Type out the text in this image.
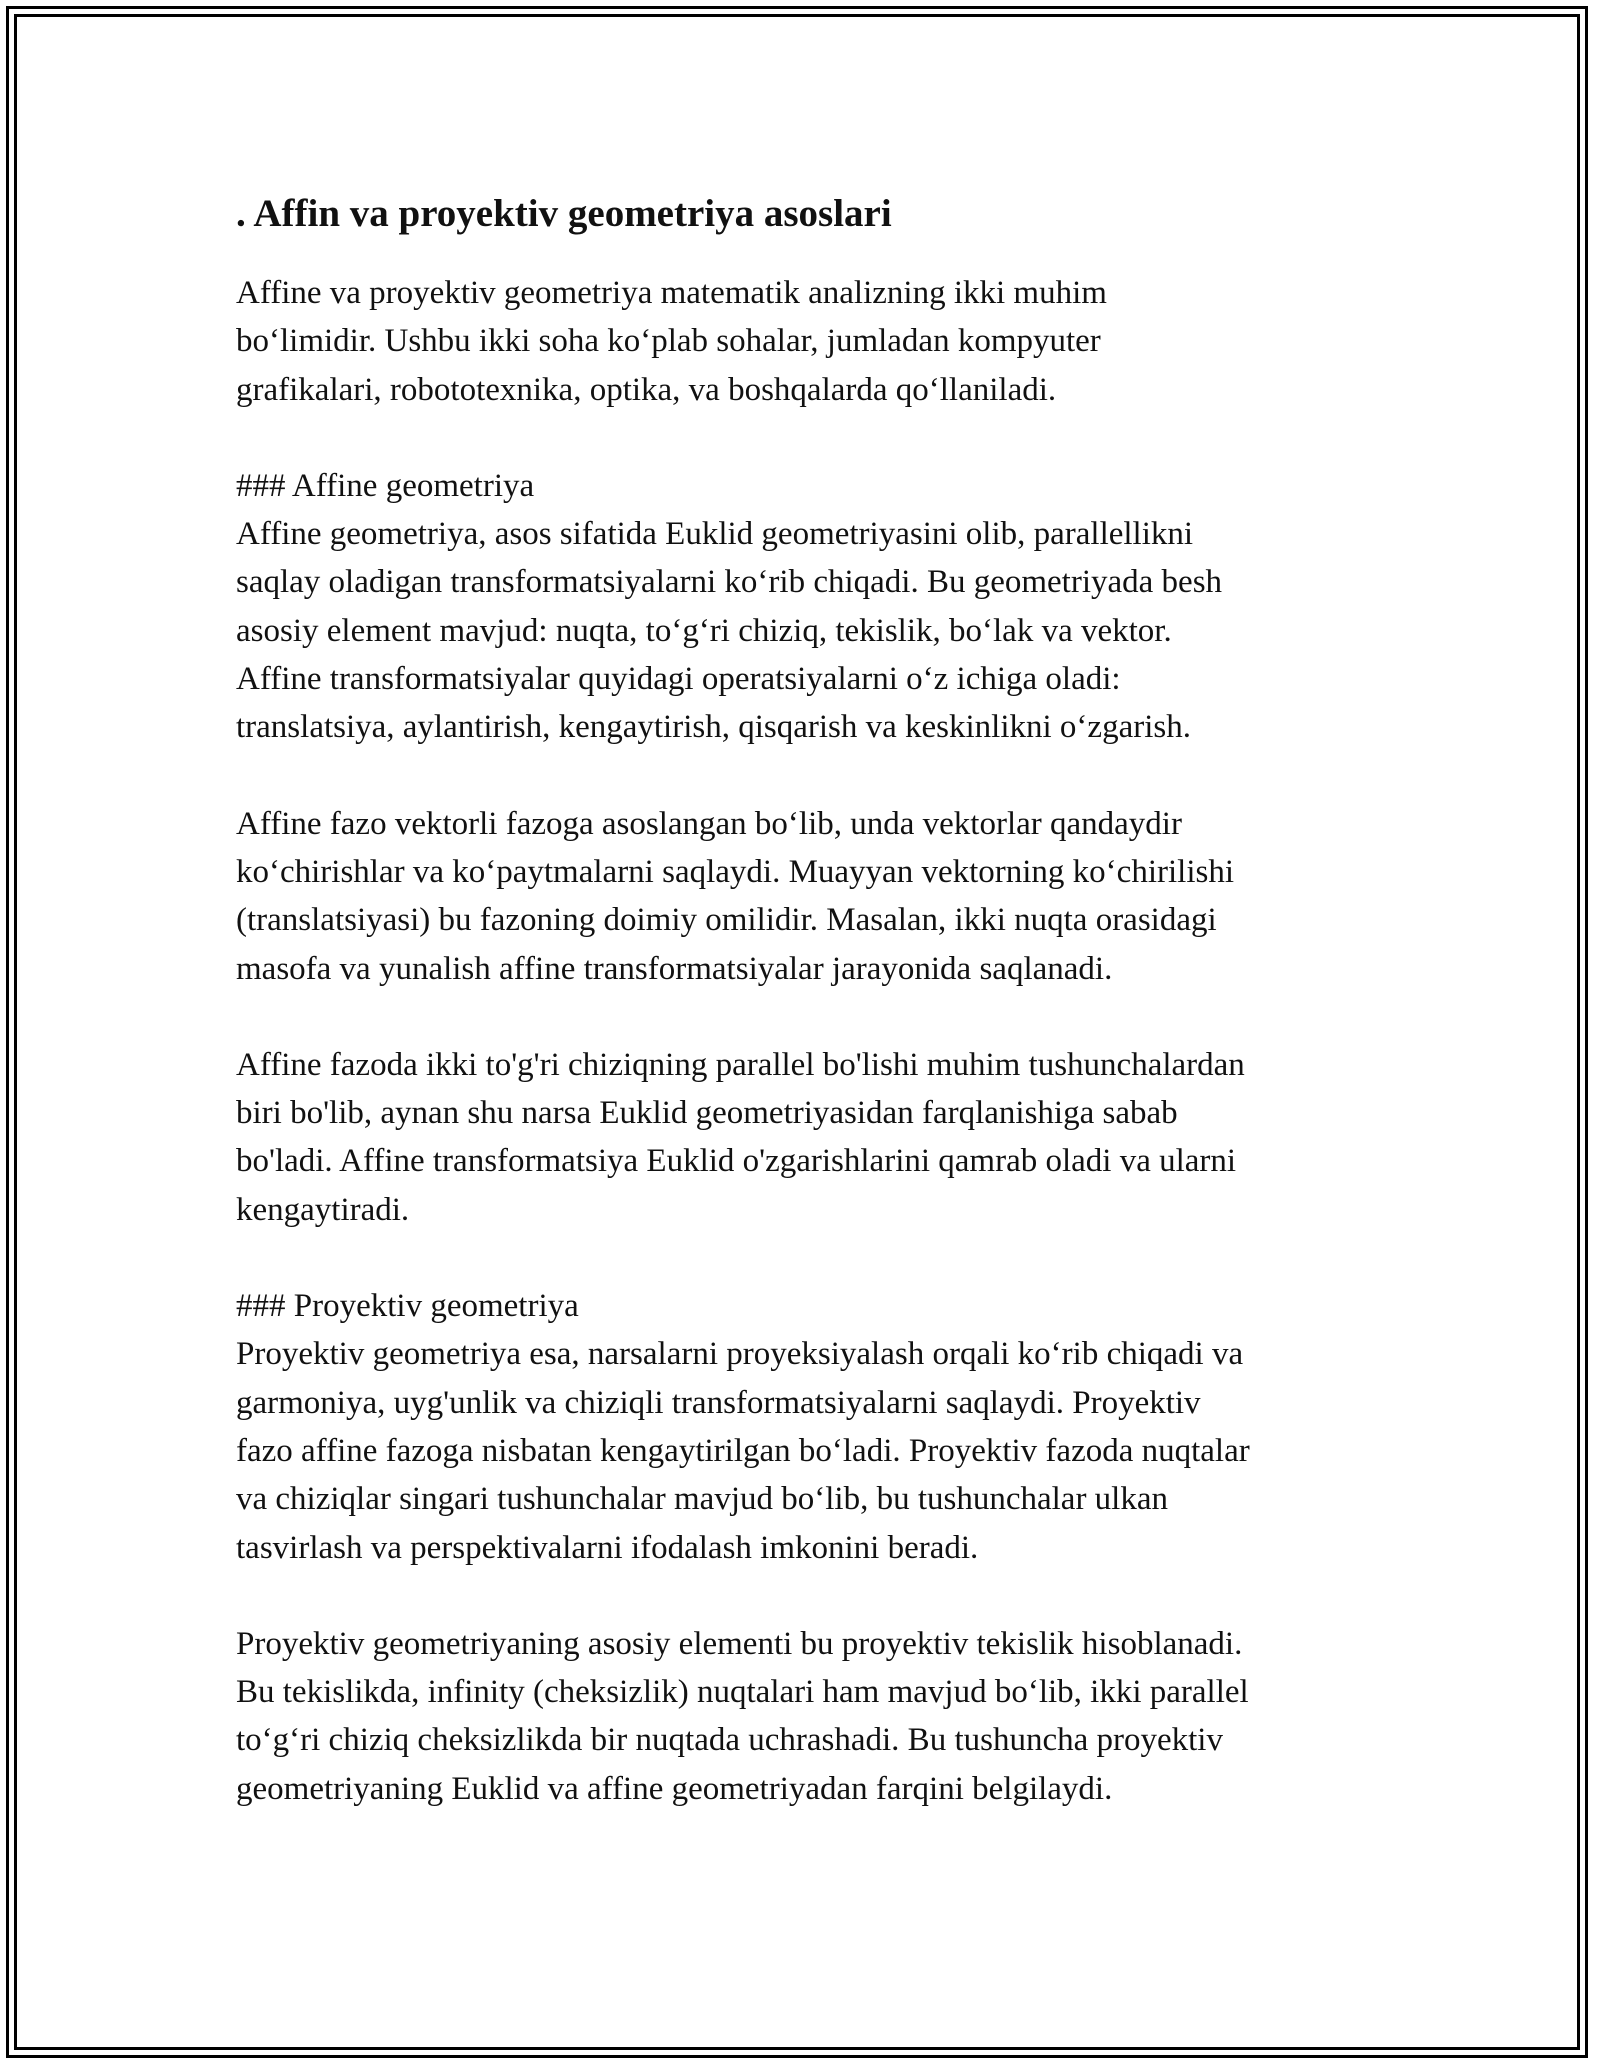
. Affin va proyektiv geometriya asoslari
Affine va proyektiv geometriya matematik analizning ikki muhim
bo‘limidir. Ushbu ikki soha ko‘plab sohalar, jumladan kompyuter
grafikalari, robototexnika, optika, va boshqalarda qo‘llaniladi.
### Affine geometriya
Affine geometriya, asos sifatida Euklid geometriyasini olib, parallellikni
saqlay oladigan transformatsiyalarni ko‘rib chiqadi. Bu geometriyada besh
asosiy element mavjud: nuqta, to‘g‘ri chiziq, tekislik, bo‘lak va vektor.
Affine transformatsiyalar quyidagi operatsiyalarni o‘z ichiga oladi:
translatsiya, aylantirish, kengaytirish, qisqarish va keskinlikni o‘zgarish.
Affine fazo vektorli fazoga asoslangan bo‘lib, unda vektorlar qandaydir
ko‘chirishlar va ko‘paytmalarni saqlaydi. Muayyan vektorning ko‘chirilishi
(translatsiyasi) bu fazoning doimiy omilidir. Masalan, ikki nuqta orasidagi
masofa va yunalish affine transformatsiyalar jarayonida saqlanadi.
Affine fazoda ikki to'g'ri chiziqning parallel bo'lishi muhim tushunchalardan
biri bo'lib, aynan shu narsa Euklid geometriyasidan farqlanishiga sabab
bo'ladi. Affine transformatsiya Euklid o'zgarishlarini qamrab oladi va ularni
kengaytiradi.
### Proyektiv geometriya
Proyektiv geometriya esa, narsalarni proyeksiyalash orqali ko‘rib chiqadi va
garmoniya, uyg'unlik va chiziqli transformatsiyalarni saqlaydi. Proyektiv
fazo affine fazoga nisbatan kengaytirilgan bo‘ladi. Proyektiv fazoda nuqtalar
va chiziqlar singari tushunchalar mavjud bo‘lib, bu tushunchalar ulkan
tasvirlash va perspektivalarni ifodalash imkonini beradi.
Proyektiv geometriyaning asosiy elementi bu proyektiv tekislik hisoblanadi.
Bu tekislikda, infinity (cheksizlik) nuqtalari ham mavjud bo‘lib, ikki parallel
to‘g‘ri chiziq cheksizlikda bir nuqtada uchrashadi. Bu tushuncha proyektiv
geometriyaning Euklid va affine geometriyadan farqini belgilaydi.
